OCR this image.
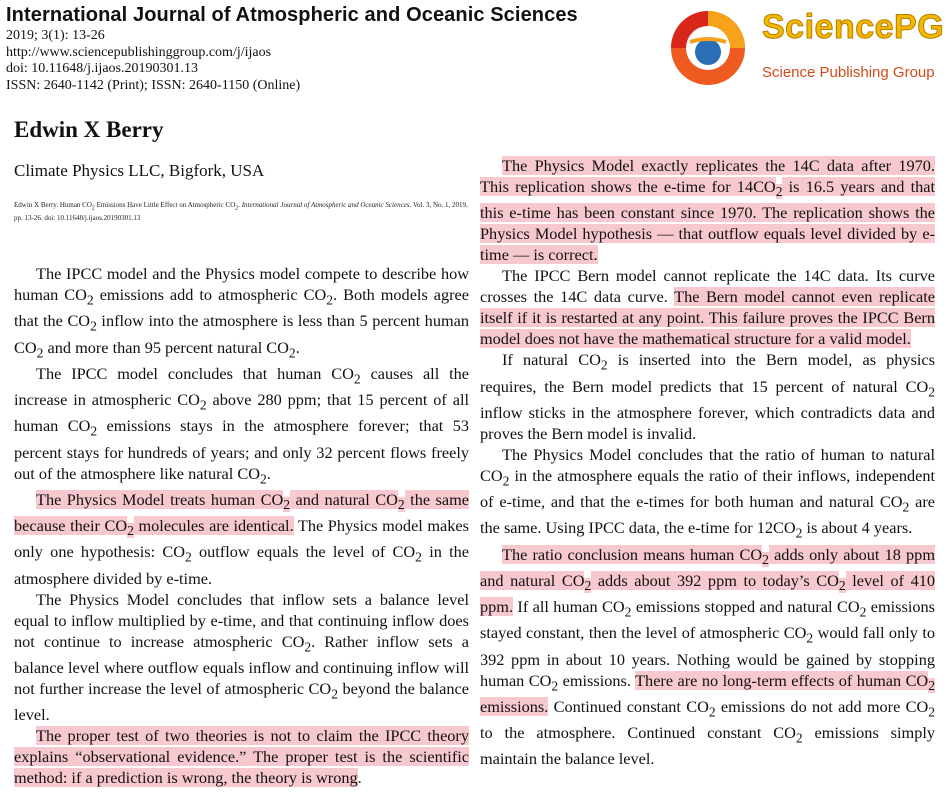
International Journal of Atmospheric and Oceanic Sciences
2019; 3(1): 13-26
http://www.sciencepublishinggroup.com/j/ijaos
doi: 10.11648/j.ijaos.20190301.13
ISSN: 2640-1142 (Print); ISSN: 2640-1150 (Online)
SciencePG
Science Publishing Group
Edwin X Berry
Climate Physics LLC, Bigfork, USA
Edwin X Berry. Human $CO_2$ Emissions Have Little Effect on Atmospheric $CO_2$. International Journal of Atmospheric and Oceanic Sciences. Vol. 3, No. 1, 2019, pp. 13-26. doi: 10.11648/j.ijaos.20190301.13

The IPCC model and the Physics model compete to describe how human $CO_2$ emissions add to atmospheric $CO_2$. Both models agree that the $CO_2$ inflow into the atmosphere is less than 5 percent human $CO_2$ and more than 95 percent natural $CO_2$.

The IPCC model concludes that human $CO_2$ causes all the increase in atmospheric $CO_2$ above 280 ppm; that 15 percent of all human $CO_2$ emissions stays in the atmosphere forever; that 53 percent stays for hundreds of years; and only 32 percent flows freely out of the atmosphere like natural $CO_2$.

The Physics Model treats human $CO_2$ and natural $CO_2$ the same because their $CO_2$ molecules are identical. The Physics model makes only one hypothesis: $CO_2$ outflow equals the level of $CO_2$ in the atmosphere divided by e-time.

The Physics Model concludes that inflow sets a balance level equal to inflow multiplied by e-time, and that continuing inflow does not continue to increase atmospheric $CO_2$. Rather inflow sets a balance level where outflow equals inflow and continuing inflow will not further increase the level of atmospheric $CO_2$ beyond the balance level.

The proper test of two theories is not to claim the IPCC theory explains “observational evidence.” The proper test is the scientific method: if a prediction is wrong, the theory is wrong.

The Physics Model exactly replicates the 14C data after 1970. This replication shows the e-time for $14CO_2$ is 16.5 years and that this e-time has been constant since 1970. The replication shows the Physics Model hypothesis — that outflow equals level divided by e-time — is correct.

The IPCC Bern model cannot replicate the 14C data. Its curve crosses the 14C data curve. The Bern model cannot even replicate itself if it is restarted at any point. This failure proves the IPCC Bern model does not have the mathematical structure for a valid model.

If natural $CO_2$ is inserted into the Bern model, as physics requires, the Bern model predicts that 15 percent of natural $CO_2$ inflow sticks in the atmosphere forever, which contradicts data and proves the Bern model is invalid.

The Physics Model concludes that the ratio of human to natural $CO_2$ in the atmosphere equals the ratio of their inflows, independent of e-time, and that the e-times for both human and natural $CO_2$ are the same. Using IPCC data, the e-time for $12CO_2$ is about 4 years.

The ratio conclusion means human $CO_2$ adds only about 18 ppm and natural $CO_2$ adds about 392 ppm to today’s $CO_2$ level of 410 ppm. If all human $CO_2$ emissions stopped and natural $CO_2$ emissions stayed constant, then the level of atmospheric $CO_2$ would fall only to 392 ppm in about 10 years. Nothing would be gained by stopping human $CO_2$ emissions. There are no long-term effects of human $CO_2$ emissions. Continued constant $CO_2$ emissions do not add more $CO_2$ to the atmosphere. Continued constant $CO_2$ emissions simply maintain the balance level.
